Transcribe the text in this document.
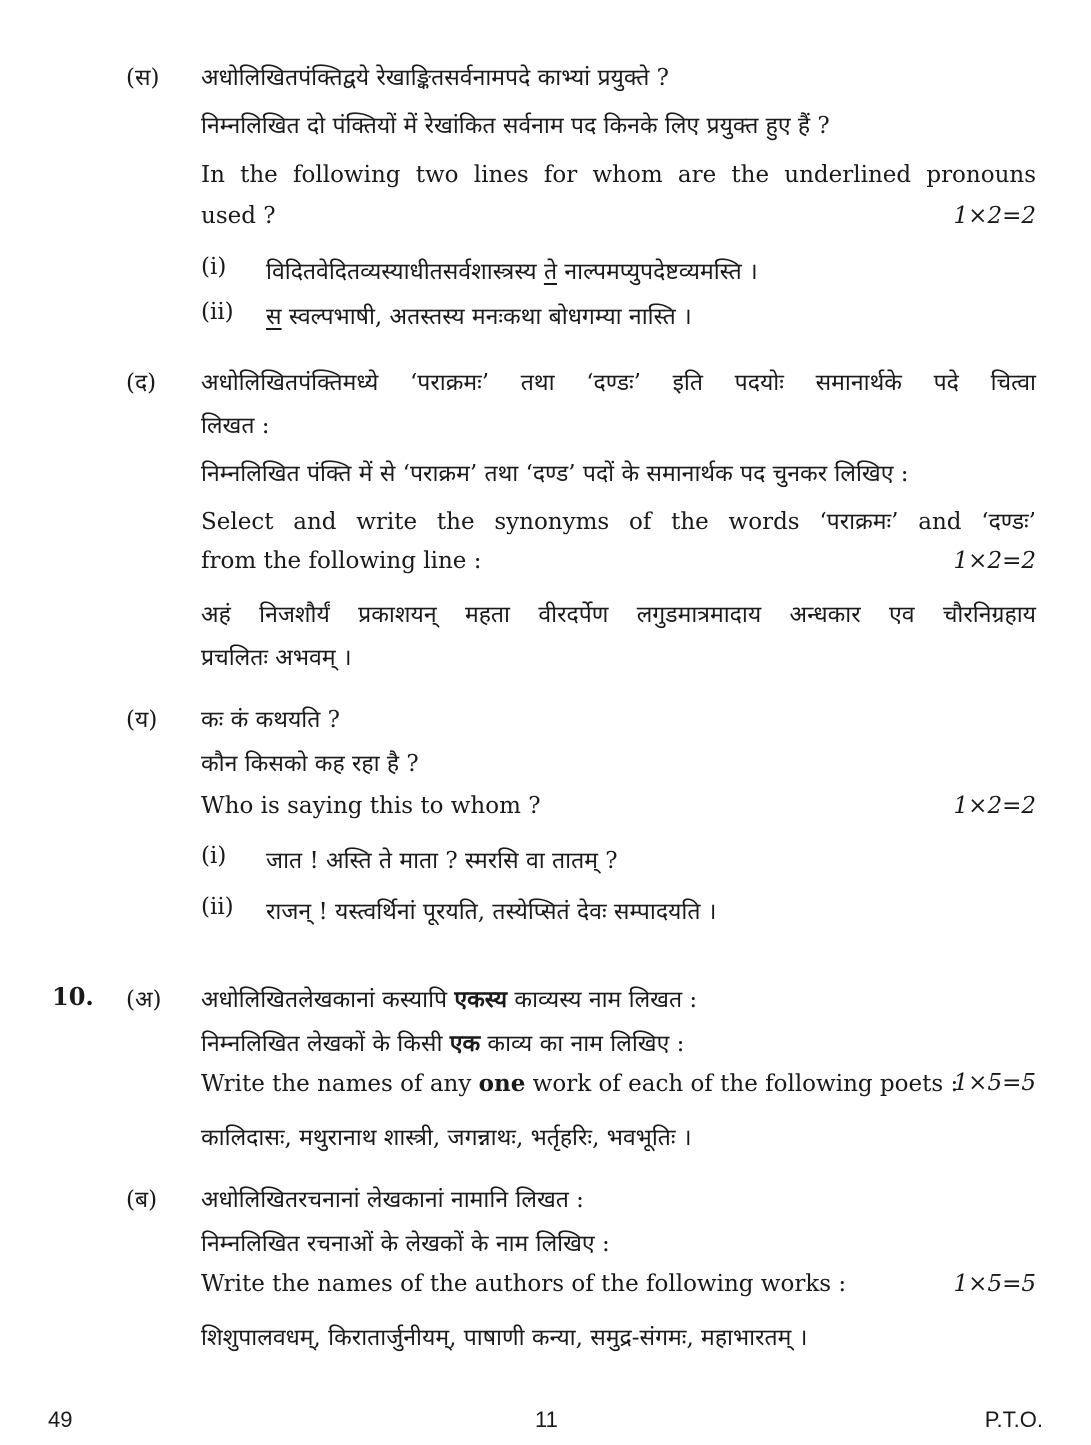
(स) अधोलिखितपंक्तिद्वये रेखाङ्कितसर्वनामपदे काभ्यां प्रयुक्ते ?
निम्नलिखित दो पंक्तियों में रेखांकित सर्वनाम पद किनके लिए प्रयुक्त हुए हैं ?
In the following two lines for whom are the underlined pronouns
used ?	1×2=2
(i) विदितवेदितव्यस्याधीतसर्वशास्त्रस्य ते नाल्पमप्युपदेष्टव्यमस्ति ।
(ii) स स्वल्पभाषी, अतस्तस्य मनःकथा बोधगम्या नास्ति ।
(द) अधोलिखितपंक्तिमध्ये ‘पराक्रमः’ तथा ‘दण्डः’ इति पदयोः समानार्थके पदे चित्वा
लिखत :
निम्नलिखित पंक्ति में से ‘पराक्रम’ तथा ‘दण्ड’ पदों के समानार्थक पद चुनकर लिखिए :
Select and write the synonyms of the words ‘पराक्रमः’ and ‘दण्डः’
from the following line :	1×2=2
अहं निजशौर्यं प्रकाशयन् महता वीरदर्पेण लगुडमात्रमादाय अन्धकार एव चौरनिग्रहाय
प्रचलितः अभवम् ।
(य) कः कं कथयति ?
कौन किसको कह रहा है ?
Who is saying this to whom ?	1×2=2
(i) जात ! अस्ति ते माता ? स्मरसि वा तातम् ?
(ii) राजन् ! यस्त्वर्थिनां पूरयति, तस्येप्सितं देवः सम्पादयति ।
10. (अ) अधोलिखितलेखकानां कस्यापि एकस्य काव्यस्य नाम लिखत :
निम्नलिखित लेखकों के किसी एक काव्य का नाम लिखिए :
Write the names of any one work of each of the following poets :
1×5=5
कालिदासः, मथुरानाथ शास्त्री, जगन्नाथः, भर्तृहरिः, भवभूतिः ।
(ब) अधोलिखितरचनानां लेखकानां नामानि लिखत :
निम्नलिखित रचनाओं के लेखकों के नाम लिखिए :
Write the names of the authors of the following works :	1×5=5
शिशुपालवधम्, किरातार्जुनीयम्, पाषाणी कन्या, समुद्र-संगमः, महाभारतम् ।
49	11	P.T.O.
